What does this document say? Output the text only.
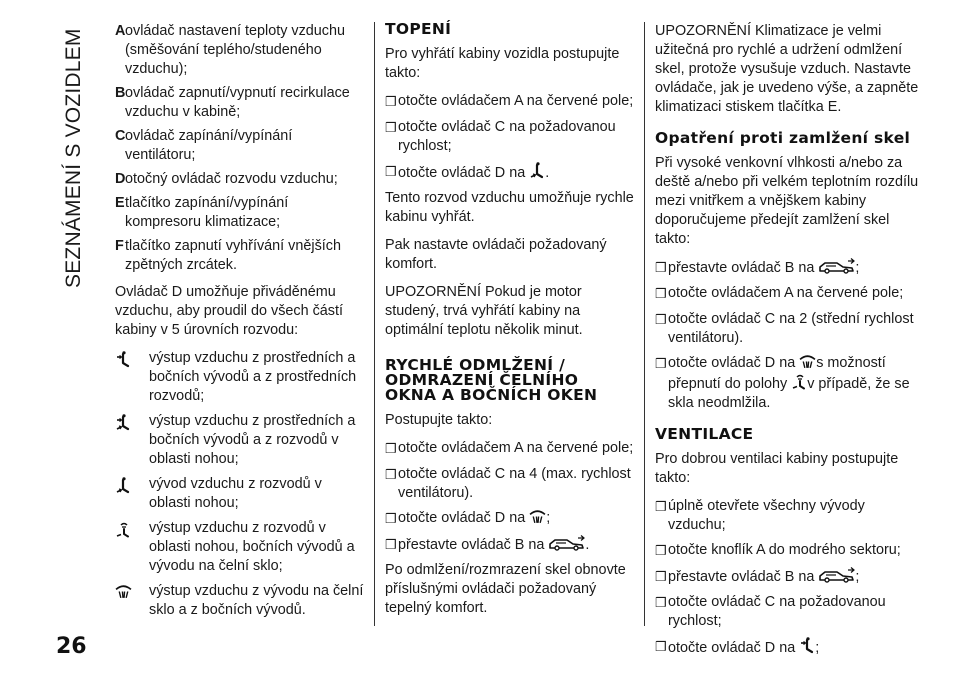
SEZNÁMENÍ S VOZIDLEM
26
A ovládač nastavení teploty vzduchu (směšování teplého/studeného vzduchu);
B ovládač zapnutí/vypnutí recirkulace vzduchu v kabině;
C ovládač zapínání/vypínání ventilátoru;
D otočný ovládač rozvodu vzduchu;
E tlačítko zapínání/vypínání kompresoru klimatizace;
F tlačítko zapnutí vyhřívání vnějších zpětných zrcátek.

Ovládač D umožňuje přiváděnému vzduchu, aby proudil do všech částí kabiny v 5 úrovních rozvodu:

výstup vzduchu z prostředních a bočních vývodů a z prostředních rozvodů;
výstup vzduchu z prostředních a bočních vývodů a z rozvodů v oblasti nohou;
vývod vzduchu z rozvodů v oblasti nohou;
výstup vzduchu z rozvodů v oblasti nohou, bočních vývodů a vývodu na čelní sklo;
výstup vzduchu z vývodu na čelní sklo a z bočních vývodů.
TOPENÍ

Pro vyhřátí kabiny vozidla postupujte takto:

❒
otočte ovládačem A na červené pole;
❒
otočte ovládač C na požadovanou rychlost;
❒
otočte ovládač D na .

Tento rozvod vzduchu umožňuje rychle kabinu vyhřát.

Pak nastavte ovládači požadovaný komfort.

UPOZORNĚNÍ Pokud je motor studený, trvá vyhřátí kabiny na optimální teplotu několik minut.

RYCHLÉ ODMLŽENÍ / ODMRAZENÍ ČELNÍHO OKNA A BOČNÍCH OKEN

Postupujte takto:

❒
otočte ovládačem A na červené pole;
❒
otočte ovládač C na 4 (max. rychlost ventilátoru).
❒
otočte ovládač D na ;
❒
přestavte ovládač B na	.

Po odmlžení/rozmrazení skel obnovte příslušnými ovládači požadovaný tepelný komfort.

UPOZORNĚNÍ Klimatizace je velmi užitečná pro rychlé a udržení odmlžení skel, protože vysušuje vzduch. Nastavte ovládače, jak je uvedeno výše, a zapněte klimatizaci stiskem tlačítka E.

Opatření proti zamlžení skel

Při vysoké venkovní vlhkosti a/nebo za deště a/nebo při velkém teplotním rozdílu mezi vnitřkem a vnějškem kabiny doporučujeme předejít zamlžení skel takto:

❒
přestavte ovládač B na	;
❒
otočte ovládačem A na červené pole;
❒
otočte ovládač C na 2 (střední rychlost ventilátoru).
❒
otočte ovládač D na s možností přepnutí do polohy v případě, že se skla neodmlžila.
VENTILACE

Pro dobrou ventilaci kabiny postupujte takto:

❒
úplně otevřete všechny vývody vzduchu;
❒
otočte knoflík A do modrého sektoru;
❒
přestavte ovládač B na	;
❒
otočte ovládač C na požadovanou rychlost;
❒
otočte ovládač D na ;
